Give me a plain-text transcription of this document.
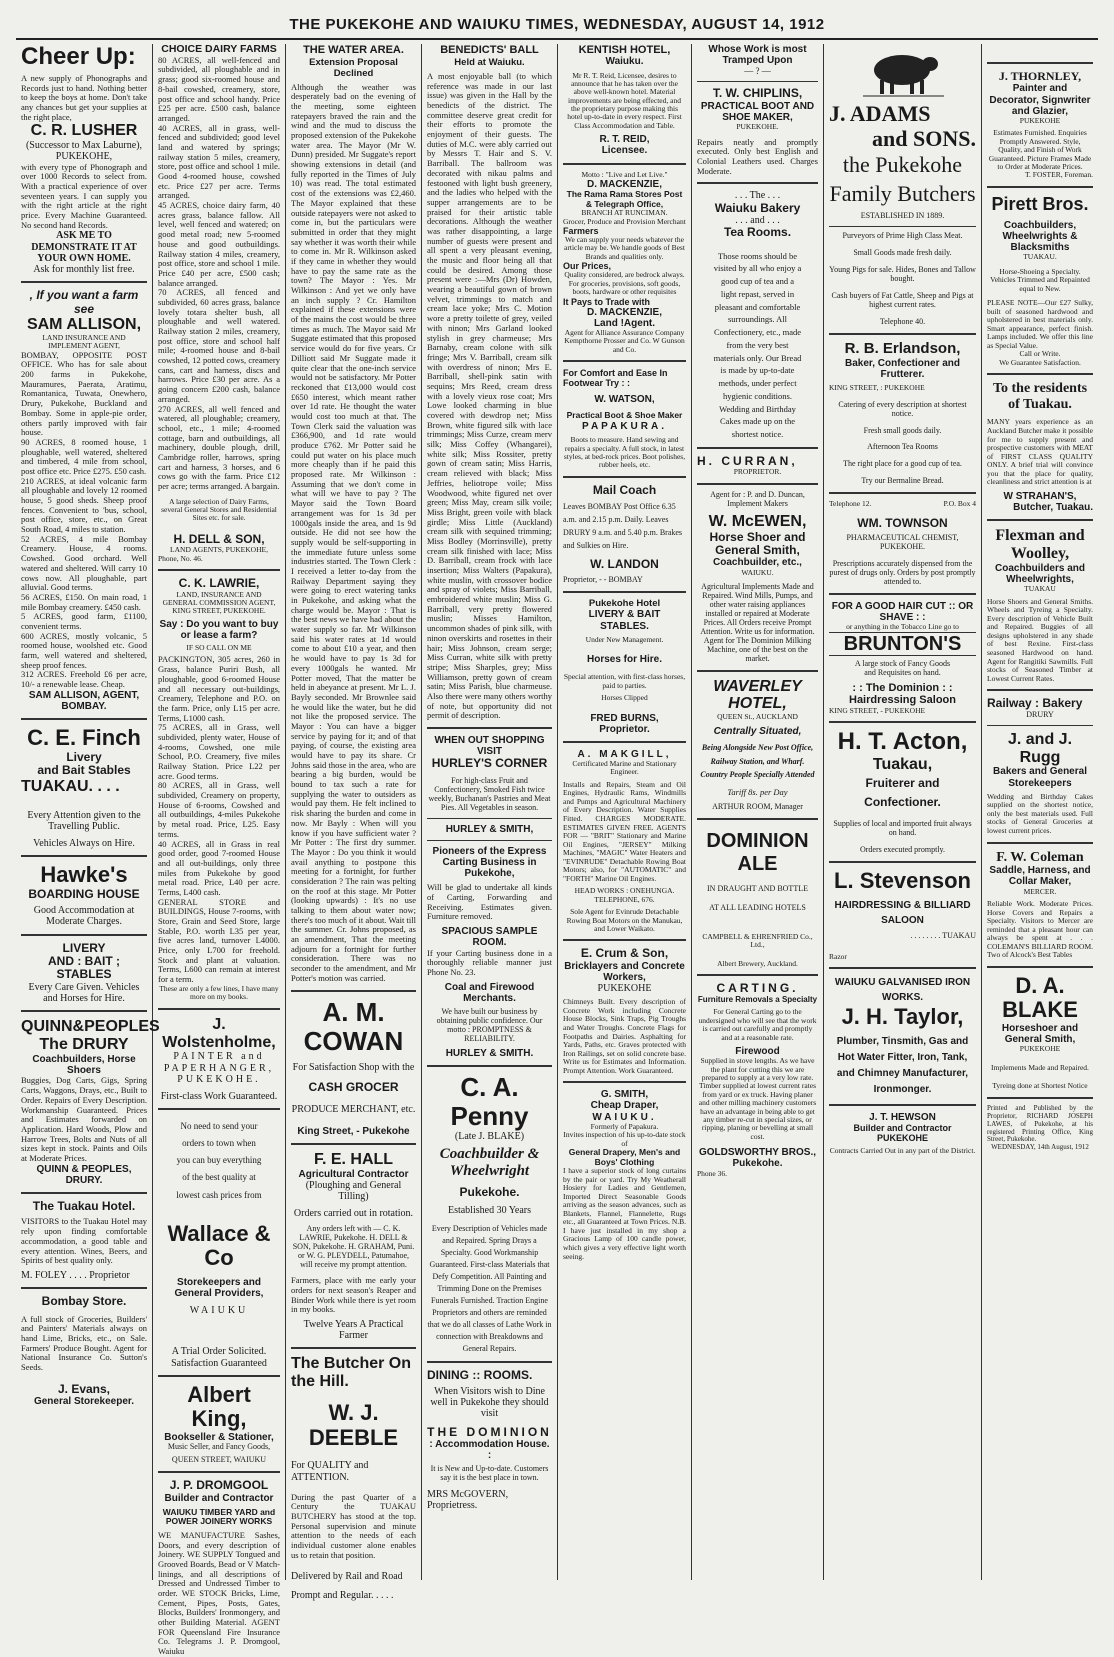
THE PUKEKOHE AND WAIUKU TIMES, WEDNESDAY, AUGUST 14, 1912
Cheer Up:
A new supply of Phonographs and Records just to hand. Nothing better to keep the boys at home. Don't take any chances but get your supplies at the right place,
C. R. LUSHER
(Successor to Max Laburne), PUKEKOHE,
with every type of Phonograph and over 1000 Records to select from. With a practical experience of over seventeen years. I can supply you with the right article at the right price. Every Machine Guaranteed. No second hand Records.
ASK ME TO DEMONSTRATE IT AT YOUR OWN HOME.
Ask for monthly list free.
, If you want a farm see
SAM ALLISON,
LAND INSURANCE AND IMPLEMENT AGENT,
BOMBAY, OPPOSITE POST OFFICE. Who has for sale about 200 farms in Pukekohe, Mauramures, Paerata, Aratimu, Romantanica, Tuwata, Onewhero, Drury, Pukekohe, Buckland and Bombay. Some in apple-pie order, others partly improved with fair house.
90 ACRES, 8 roomed house, 1 ploughable, well watered, sheltered and timbered, 4 mile from school, post office etc. Price £275. £50 cash.
210 ACRES, at ideal volcanic farm all ploughable and lovely 12 roomed house, 5 good sheds. Sheep proof fences. Convenient to 'bus, school, post office, store, etc., on Great South Road, 4 miles to station.
52 ACRES, 4 mile Bombay Creamery. House, 4 rooms. Cowshed. Good orchard. Well watered and sheltered. Will carry 10 cows now. All ploughable, part alluvial. Good terms.
56 ACRES, £150. On main road, 1 mile Bombay creamery. £450 cash.
5 ACRES, good farm, £1100, convenient terms.
600 ACRES, mostly volcanic, 5 roomed house, woolshed etc. Good farm, well watered and sheltered, sheep proof fences.
312 ACRES. Freehold £6 per acre, 10/- a renewable lease. Cheap.
SAM ALLISON, AGENT, BOMBAY.
C. E. Finch
Livery
and Bait Stables
TUAKAU. . . .
Every Attention given to the Travelling Public.
Vehicles Always on Hire.
Hawke's
BOARDING HOUSE
Good Accommodation at Moderate Charges.
LIVERY
AND : BAIT ; STABLES
Every Care Given. Vehicles and Horses for Hire.
QUINN&PEOPLES
The DRURY
Coachbuilders, Horse Shoers
Buggies, Dog Carts, Gigs, Spring Carts, Waggons, Drays, etc., Built to Order. Repairs of Every Description. Workmanship Guaranteed. Prices and Estimates forwarded on Application. Hard Woods, Plow and Harrow Trees, Bolts and Nuts of all sizes kept in stock. Paints and Oils at Moderate Prices.
QUINN & PEOPLES, DRURY.
The Tuakau Hotel.
VISITORS to the Tuakau Hotel may rely upon finding comfortable accommodation, a good table and every attention. Wines, Beers, and Spirits of best quality only.
M. FOLEY . . . . Proprietor
Bombay Store.
A full stock of Groceries, Builders' and Painters' Materials always on hand Lime, Bricks, etc., on Sale. Farmers' Produce Bought. Agent for National Insurance Co. Sutton's Seeds.
J. Evans,
General Storekeeper.
CHOICE DAIRY FARMS
80 ACRES, all well-fenced and subdivided, all ploughable and in grass; good six-roomed house and 8-bail cowshed, creamery, store, post office and school handy. Price £25 per acre. £500 cash, balance arranged.
40 ACRES, all in grass, well-fenced and subdivided; good level land and watered by springs; railway station 5 miles, creamery, store, post office and school 1 mile. Good 4-roomed house, cowshed etc. Price £27 per acre. Terms arranged.
45 ACRES, choice dairy farm, 40 acres grass, balance fallow. All level, well fenced and watered; on good metal road; new 5-roomed house and good outbuildings. Railway station 4 miles, creamery, post office, store and school 1 mile. Price £40 per acre, £500 cash; balance arranged.
70 ACRES, all fenced and subdivided, 60 acres grass, balance lovely totara shelter bush, all ploughable and well watered. Railway station 2 miles, creamery, post office, store and school half mile; 4-roomed house and 8-bail cowshed, 12 potted cows, creamery cans, cart and harness, discs and harrows. Price £30 per acre. As a going concern £200 cash, balance arranged.
270 ACRES, all well fenced and watered, all ploughable; creamery, school, etc., 1 mile; 4-roomed cottage, barn and outbuildings, all machinery, double plough, drill, Cambridge roller, harrows, spring cart and harness, 3 horses, and 6 cows go with the farm. Price £12 per acre; terms arranged. A bargain.
A large selection of Dairy Farms, several General Stores and Residential Sites etc. for sale.
H. DELL & SON,
LAND AGENTS, PUKEKOHE,
Phone, No. 46.
C. K. LAWRIE,
LAND, INSURANCE AND GENERAL COMMISSION AGENT, KING STREET, PUKEKOHE.
Say : Do you want to buy or lease a farm?
IF SO CALL ON ME
PACKINGTON, 305 acres, 260 in Grass, balance Puriri Bush, all ploughable, good 6-roomed House and all necessary out-buildings, Creamery, Telephone and P.O. on the farm. Price, only L15 per acre. Terms, L1000 cash.
75 ACRES, all in Grass, well subdivided, plenty water, House of 4-rooms, Cowshed, one mile School, P.O. Creamery, five miles Railway Station. Price L22 per acre. Good terms.
80 ACRES, all in Grass, well subdivided, Creamery on property, House of 6-rooms, Cowshed and all outbuildings, 4-miles Pukekohe by metal road. Price, L25. Easy terms.
40 ACRES, all in Grass in real good order, good 7-roomed House and all out-buildings, only three miles from Pukekohe by good metal road. Price, L40 per acre. Terms, L400 cash.
GENERAL STORE and BUILDINGS, House 7-rooms, with Store, Grain and Seed Store, large Stable, P.O. worth L35 per year, five acres land, turnover L4000. Price, only L700 for freehold. Stock and plant at valuation. Terms, L600 can remain at interest for a term.
These are only a few lines, I have many more on my books.
J. Wolstenholme,
PAINTER and PAPERHANGER,
PUKEKOHE.
First-class Work Guaranteed.
No need to send your orders to town when you can buy everything of the best quality at lowest cash prices from
Wallace & Co
Storekeepers and General Providers,
WAIUKU
A Trial Order Solicited. Satisfaction Guaranteed
Albert King,
Bookseller & Stationer,
Music Seller, and Fancy Goods,
QUEEN STREET, WAIUKU
J. P. DROMGOOL
Builder and Contractor
WAIUKU TIMBER YARD and POWER JOINERY WORKS
WE MANUFACTURE Sashes, Doors, and every description of Joinery. WE SUPPLY Tongued and Grooved Boards, Bead or V Match-linings, and all descriptions of Dressed and Undressed Timber to order. WE STOCK Bricks, Lime, Cement, Pipes, Posts, Gates, Blocks, Builders' Ironmongery, and other Building Material. AGENT FOR Queensland Fire Insurance Co. Telegrams J. P. Dromgool, Waiuku
THE WATER AREA.
Extension Proposal Declined
Although the weather was desperately bad on the evening of the meeting, some eighteen ratepayers braved the rain and the wind and the mud to discuss the proposed extension of the Pukekohe water area. The Mayor (Mr W. Dunn) presided. Mr Suggate's report showing extensions in detail (and fully reported in the Times of July 10) was read. The total estimated cost of the extensions was £2,460. The Mayor explained that these outside ratepayers were not asked to come in, but the particulars were submitted in order that they might say whether it was worth their while to come in. Mr R. Wilkinson asked if they came in whether they would have to pay the same rate as the town? The Mayor : Yes. Mr Wilkinson : And yet we only have an inch supply ? Cr. Hamilton explained if these extensions were of the mains the cost would be three times as much. The Mayor said Mr Suggate estimated that this proposed service would do for five years. Cr Dilliott said Mr Suggate made it quite clear that the one-inch service would not be satisfactory. Mr Potter reckoned that £13,000 would cost £650 interest, which meant rather over 1d rate. He thought the water would cost too much at that. The Town Clerk said the valuation was £366,900, and 1d rate would produce £762. Mr Potter said he could put water on his place much more cheaply than if he paid this proposed rate. Mr Wilkinson : Assuming that we don't come in what will we have to pay ? The Mayor said the Town Board arrangement was for 1s 3d per 1000gals inside the area, and 1s 9d outside. He did not see how the supply would be self-supporting in the immediate future unless some industries started. The Town Clerk : I received a letter to-day from the Railway Department saying they were going to erect watering tanks in Pukekohe, and asking what the charge would be. Mayor : That is the best news we have had about the water supply so far. Mr Wilkinson said his water rates at 1d would come to about £10 a year, and then he would have to pay 1s 3d for every 1000gals he wanted. Mr Potter moved, That the matter be held in abeyance at present. Mr L. J. Bayly seconded. Mr Brownlee said he would like the water, but he did not like the proposed service. The Mayor : You can have a bigger service by paying for it; and of that paying, of course, the existing area would have to pay its share. Cr Johns said those in the area, who are bearing a big burden, would be bound to tax such a rate for supplying the water to outsiders as would pay them. He felt inclined to risk sharing the burden and come in now. Mr Bayly : When will you know if you have sufficient water ? Mr Potter : The first dry summer. The Mayor : Do you think it would avail anything to postpone this meeting for a fortnight, for further consideration ? The rain was pelting on the roof at this stage. Mr Potter (looking upwards) : It's no use talking to them about water now; there's too much of it about. Wait till the summer. Cr. Johns proposed, as an amendment, That the meeting adjourn for a fortnight for further consideration. There was no seconder to the amendment, and Mr Potter's motion was carried.
A. M. COWAN
For Satisfaction Shop with the
CASH GROCER
PRODUCE MERCHANT, etc.
King Street, - Pukekohe
F. E. HALL
Agricultural Contractor
(Ploughing and General Tilling)
Orders carried out in rotation.
Any orders left with — C. K. LAWRIE, Pukekohe. H. DELL & SON, Pukekohe. H. GRAHAM, Puni. or W. G. PLEYDELL, Patumahoe, will receive my prompt attention.
Farmers, place with me early your orders for next season's Reaper and Binder Work while there is yet room in my books.
Twelve Years A Practical Farmer
The Butcher On the Hill.
W. J. DEEBLE
For QUALITY and ATTENTION.
During the past Quarter of a Century the TUAKAU BUTCHERY has stood at the top. Personal supervision and minute attention to the needs of each individual customer alone enables us to retain that position.
Delivered by Rail and Road
Prompt and Regular. . . . .
BENEDICTS' BALL
Held at Waiuku.
A most enjoyable ball (to which reference was made in our last issue) was given in the Hall by the benedicts of the district. The committee deserve great credit for their efforts to promote the enjoyment of their guests. The duties of M.C. were ably carried out by Messrs T. Hair and S. V. Barriball. The ballroom was decorated with nikau palms and festooned with light bush greenery, and the ladies who helped with the supper arrangements are to be praised for their artistic table decorations. Although the weather was rather disappointing, a large number of guests were present and all spent a very pleasant evening, the music and floor being all that could be desired. Among those present were :—Mrs (Dr) Howden, wearing a beautiful gown of brown velvet, trimmings to match and cream lace yoke; Mrs C. Motion wore a pretty toilette of grey, veiled with ninon; Mrs Garland looked stylish in grey charmeuse; Mrs Barnaby, cream colone with silk fringe; Mrs V. Barriball, cream silk with overdress of ninon; Mrs E. Barriball, shell-pink satin with sequins; Mrs Reed, cream dress with a lovely vieux rose coat; Mrs Lowe looked charming in blue covered with dewdrop net; Miss Brown, white figured silk with lace trimmings; Miss Curze, cream merv silk; Miss Coffey (Whangarei), white silk; Miss Rossiter, pretty gown of cream satin; Miss Harris, cream relieved with black; Miss Jeffries, heliotrope voile; Miss Woodwood, white figured net over green; Miss May, cream silk voile; Miss Bright, green voile with black girdle; Miss Little (Auckland) cream silk with sequined trimming; Miss Bodley (Morrinsville), pretty cream silk finished with lace; Miss D. Barriball, cream frock with lace insertion; Miss Walters (Papakura), white muslin, with crossover bodice and spray of violets; Miss Barriball, embroidered white muslin; Miss G. Barriball, very pretty flowered muslin; Misses Hamilton, uncommon shades of pink silk, with ninon overskirts and rosettes in their hair; Miss Johnson, cream serge; Miss Curran, white silk with pretty stripe; Miss Sharples, grey; Miss Williamson, pretty gown of cream satin; Miss Parish, blue charmeuse. Also there were many others worthy of note, but opportunity did not permit of description.
WHEN OUT SHOPPING VISIT
HURLEY'S CORNER
For high-class Fruit and Confectionery, Smoked Fish twice weekly, Buchanan's Pastries and Meat Pies. All Vegetables in season.
HURLEY & SMITH,
Pioneers of the Express Carting Business in Pukekohe,
Will be glad to undertake all kinds of Carting, Forwarding and Receiving. Estimates given. Furniture removed.
SPACIOUS SAMPLE ROOM.
If your Carting business done in a thoroughly reliable manner just Phone No. 23.
Coal and Firewood Merchants.
We have built our business by obtaining public confidence. Our motto : PROMPTNESS & RELIABILITY.
HURLEY & SMITH.
C. A. Penny
(Late J. BLAKE)
Coachbuilder & Wheelwright
Pukekohe.
Established 30 Years
Every Description of Vehicles made and Repaired. Spring Drays a Specialty. Good Workmanship Guaranteed. First-class Materials that Defy Competition. All Painting and Trimming Done on the Premises Funerals Furnished. Traction Engine Proprietors and others are reminded that we do all classes of Lathe Work in connection with Breakdowns and General Repairs.
DINING :: ROOMS.
When Visitors wish to Dine well in Pukekohe they should visit
THE DOMINION
: Accommodation House. :
It is New and Up-to-date. Customers say it is the best place in town.
MRS McGOVERN, Proprietress.
KENTISH HOTEL,
Waiuku.
Mr R. T. Reid, Licensee, desires to announce that he has taken over the above well-known hotel. Material improvements are being effected, and the proprietary purpose making this hotel up-to-date in every respect. First Class Accommodation and Table.
R. T. REID,
Licensee.
Motto : "Live and Let Live."
D. MACKENZIE,
The Rama Rama Stores Post & Telegraph Office,
BRANCH AT RUNCIMAN.
Grocer, Produce and Provision Merchant
Farmers
We can supply your needs whatever the article may be. We handle goods of Best Brands and qualities only.
Our Prices,
Quality considered, are bedrock always. For groceries, provisions, soft goods, boots, hardware or other requisites
It Pays to Trade with
D. MACKENZIE,
Land !Agent.
Agent for Alliance Assurance Company Kempthorne Prosser and Co. W Gunson and Co.
For Comfort and Ease In Footwear Try : :
W. WATSON,
Practical Boot & Shoe Maker
PAPAKURA.
Boots to measure. Hand sewing and repairs a specialty. A full stock, in latest styles, at bed-rock prices. Boot polishes, rubber heels, etc.
Mail Coach
Leaves BOMBAY Post Office 6.35 a.m. and 2.15 p.m. Daily. Leaves DRURY 9 a.m. and 5.40 p.m. Brakes and Sulkies on Hire.
W. LANDON
Proprietor, - - BOMBAY
Pukekohe Hotel
LIVERY & BAIT STABLES.
Under New Management.
Horses for Hire.
Special attention, with first-class horses, paid to parties.
Horses Clipped
FRED BURNS,
Proprietor.
A. MAKGILL,
Certificated Marine and Stationary Engineer.
Installs and Repairs, Steam and Oil Engines, Hydraulic Rams, Windmills and Pumps and Agricultural Machinery of Every Description. Water Supplies Fitted. CHARGES MODERATE. ESTIMATES GIVEN FREE. AGENTS FOR — "BRIT" Stationary and Marine Oil Engines, "JERSEY" Milking Machines, "MAGIC" Water Heaters and "EVINRUDE" Detachable Rowing Boat Motors; also, for "AUTOMATIC" and "FORTH" Marine Oil Engines.
HEAD WORKS : ONEHUNGA.
TELEPHONE, 676.
Sole Agent for Evinrude Detachable Rowing Boat Motors on the Manukau, and Lower Waikato.
E. Crum & Son,
Bricklayers and Concrete Workers,
PUKEKOHE
Chimneys Built. Every description of Concrete Work including Concrete House Blocks, Sink Traps, Pig Troughs and Water Troughs. Concrete Flags for Footpaths and Dairies. Asphalting for Yards, Paths, etc. Graves protected with Iron Railings, set on solid concrete base. Write us for Estimates and Information. Prompt Attention. Work Guaranteed.
G. SMITH,
Cheap Draper,
WAIUKU.
Formerly of Papakura.
Invites inspection of his up-to-date stock of
General Drapery, Men's and Boys' Clothing
I have a superior stock of long curtains by the pair or yard. Try My Weatherall Hosiery for Ladies and Gentlemen, Imported Direct Seasonable Goods arriving as the season advances, such as Blankets, Flannel, Flannelette, Rugs etc., all Guaranteed at Town Prices. N.B. I have just installed in my shop a Gracious Lamp of 100 candle power, which gives a very effective light worth seeing.
Whose Work is most Tramped Upon
— ? —
T. W. CHIPLINS,
PRACTICAL BOOT AND SHOE MAKER,
PUKEKOHE.
Repairs neatly and promptly executed. Only best English and Colonial Leathers used. Charges Moderate.
. . . The . . .
Waiuku Bakery
. . . and . . .
Tea Rooms.
Those rooms should be visited by all who enjoy a good cup of tea and a light repast, served in pleasant and comfortable surroundings. All Confectionery, etc., made from the very best materials only. Our Bread is made by up-to-date methods, under perfect hygienic conditions. Wedding and Birthday Cakes made up on the shortest notice.
H. CURRAN,
PROPRIETOR.
Agent for : P. and D. Duncan, Implement Makers
W. McEWEN,
Horse Shoer and General Smith,
Coachbuilder, etc.,
WAIUKU.
Agricultural Implements Made and Repaired. Wind Mills, Pumps, and other water raising appliances installed or repaired at Moderate Prices. All Orders receive Prompt Attention. Write us for information. Agent for The Dominion Milking Machine, one of the best on the market.
WAVERLEY HOTEL,
QUEEN St., AUCKLAND
Centrally Situated,
Being Alongside New Post Office, Railway Station, and Wharf. Country People Specially Attended
Tariff 8s. per Day
ARTHUR ROOM, Manager
DOMINION ALE
IN DRAUGHT AND BOTTLE
AT ALL LEADING HOTELS
CAMPBELL & EHRENFRIED Co., Ltd.,
Albert Brewery, Auckland.
CARTING.
Furniture Removals a Specialty
For General Carting go to the undersigned who will see that the work is carried out carefully and promptly and at a reasonable rate.
Firewood
Supplied in stove lengths. As we have the plant for cutting this we are prepared to supply at a very low rate. Timber supplied at lowest current rates from yard or ex truck. Having planer and other milling machinery customers have an advantage in being able to get any timber re-cut in special sizes, or ripping, planing or bevelling at small cost.
GOLDSWORTHY BROS.,
Pukekohe.
Phone 36.
J. ADAMS
and SONS.
the Pukekohe Family Butchers
ESTABLISHED IN 1889.
Purveyors of Prime High Class Meat.
Small Goods made fresh daily.
Young Pigs for sale. Hides, Bones and Tallow bought.
Cash buyers of Fat Cattle, Sheep and Pigs at highest current rates.
Telephone 40.
R. B. Erlandson,
Baker, Confectioner and Frutterer.
KING STREET, : PUKEKOHE
Catering of every description at shortest notice.
Fresh small goods daily.
Afternoon Tea Rooms
The right place for a good cup of tea.
Try our Bermaline Bread.
Telephone 12.	P.O. Box 4
WM. TOWNSON
PHARMACEUTICAL CHEMIST,
PUKEKOHE.
Prescriptions accurately dispensed from the purest of drugs only. Orders by post promptly attended to.
FOR A GOOD HAIR CUT :: OR SHAVE : :
or anything in the Tobacco Line go to
BRUNTON'S
A large stock of Fancy Goods and Requisites on hand.
: : The Dominion : : Hairdressing Saloon
KING STREET, - PUKEKOHE
H. T. Acton,
Tuakau,
Fruiterer and Confectioner.
Supplies of local and imported fruit always on hand.
Orders executed promptly.
L. Stevenson
HAIRDRESSING & BILLIARD SALOON
. . . . . . . . TUAKAU
Razor
WAIUKU GALVANISED IRON WORKS.
J. H. Taylor,
Plumber, Tinsmith, Gas and Hot Water Fitter, Iron, Tank, and Chimney Manufacturer, Ironmonger.
J. T. HEWSON
Builder and Contractor
PUKEKOHE
Contracts Carried Out in any part of the District.
J. THORNLEY,
Painter and Decorator, Signwriter and Glazier,
PUKEKOHE
Estimates Furnished. Enquiries Promptly Answered. Style, Quality, and Finish of Work Guaranteed. Picture Frames Made to Order at Moderate Prices.
T. FOSTER, Foreman.
Pirett Bros.
Coachbuilders, Wheelwrights & Blacksmiths
TUAKAU.
Horse-Shoeing a Specialty. Vehicles Trimmed and Repainted equal to New.
PLEASE NOTE—Our £27 Sulky, built of seasoned hardwood and upholstered in best materials only. Smart appearance, perfect finish. Lamps included. We offer this line as Special Value.
Call or Write.
We Guarantee Satisfaction.
To the residents of Tuakau.
MANY years experience as an Auckland Butcher make it possible for me to supply present and prospective customers with MEAT of FIRST CLASS QUALITY ONLY. A brief trial will convince you that the place for quality, cleanliness and strict attention is at
W STRAHAN'S,
Butcher, Tuakau.
Flexman and Woolley,
Coachbuilders and Wheelwrights,
TUAKAU
Horse Shoers and General Smiths. Wheels and Tyreing a Specialty. Every description of Vehicle Built and Repaired. Buggies of all designs upholstered in any shade of best Rexine. First-class seasoned Hardwood on hand. Agent for Rangitiki Sawmills. Full stocks of Seasoned Timber at Lowest Current Rates.
Railway : Bakery
DRURY
J. and J. Rugg
Bakers and General Storekeepers
Wedding and Birthday Cakes supplied on the shortest notice, only the best materials used. Full stocks of General Groceries at lowest current prices.
F. W. Coleman
Saddle, Harness, and Collar Maker,
MERCER.
Reliable Work. Moderate Prices. Horse Covers and Repairs a Specialty. Visitors to Mercer are reminded that a pleasant hour can always be spent at . . . COLEMAN'S BILLIARD ROOM. Two of Alcock's Best Tables
D. A. BLAKE
Horseshoer and General Smith,
PUKEKOHE
Implements Made and Repaired.
Tyreing done at Shortest Notice
Printed and Published by the Proprietor, RICHARD JOSEPH LAWES, of Pukekohe, at his registered Printing Office, King Street, Pukekohe.
WEDNESDAY, 14th August, 1912
